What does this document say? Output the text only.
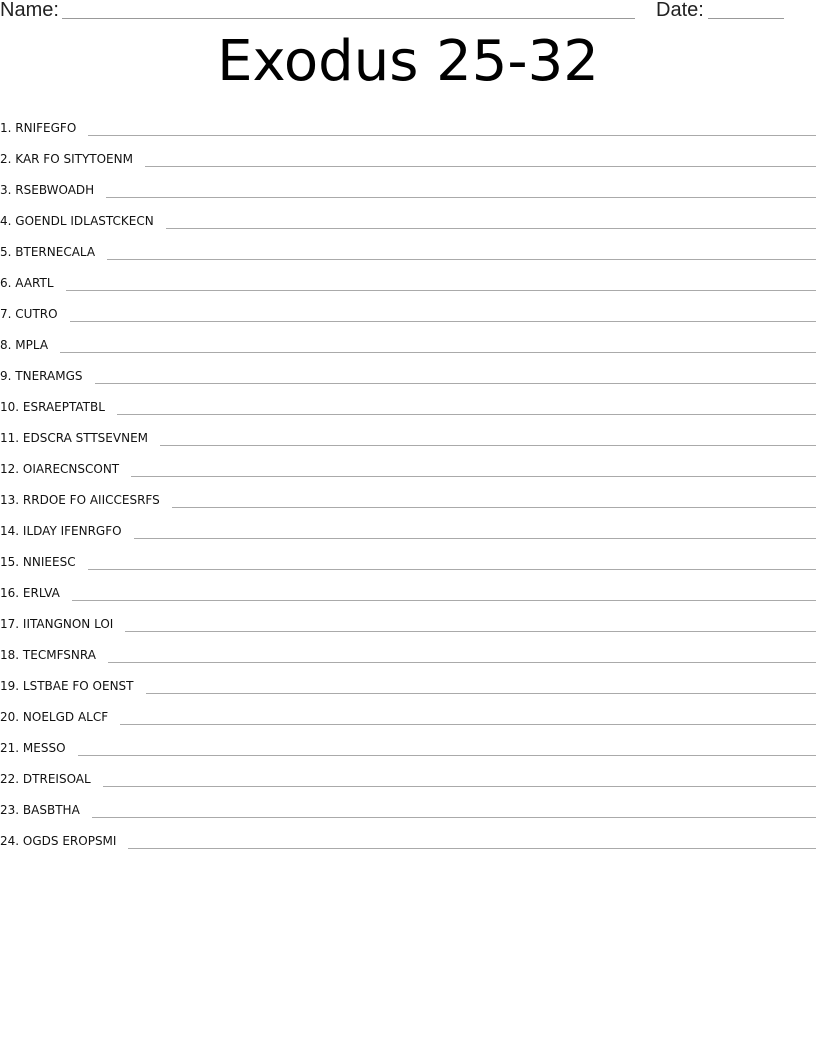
Name:	Date:
Exodus 25-32
1. RNIFEGFO
2. KAR FO SITYTOENM
3. RSEBWOADH
4. GOENDL IDLASTCKECN
5. BTERNECALA
6. AARTL
7. CUTRO
8. MPLA
9. TNERAMGS
10. ESRAEPTATBL
11. EDSCRA STTSEVNEM
12. OIARECNSCONT
13. RRDOE FO AIICCESRFS
14. ILDAY IFENRGFO
15. NNIEESC
16. ERLVA
17. IITANGNON LOI
18. TECMFSNRA
19. LSTBAE FO OENST
20. NOELGD ALCF
21. MESSO
22. DTREISOAL
23. BASBTHA
24. OGDS EROPSMI
